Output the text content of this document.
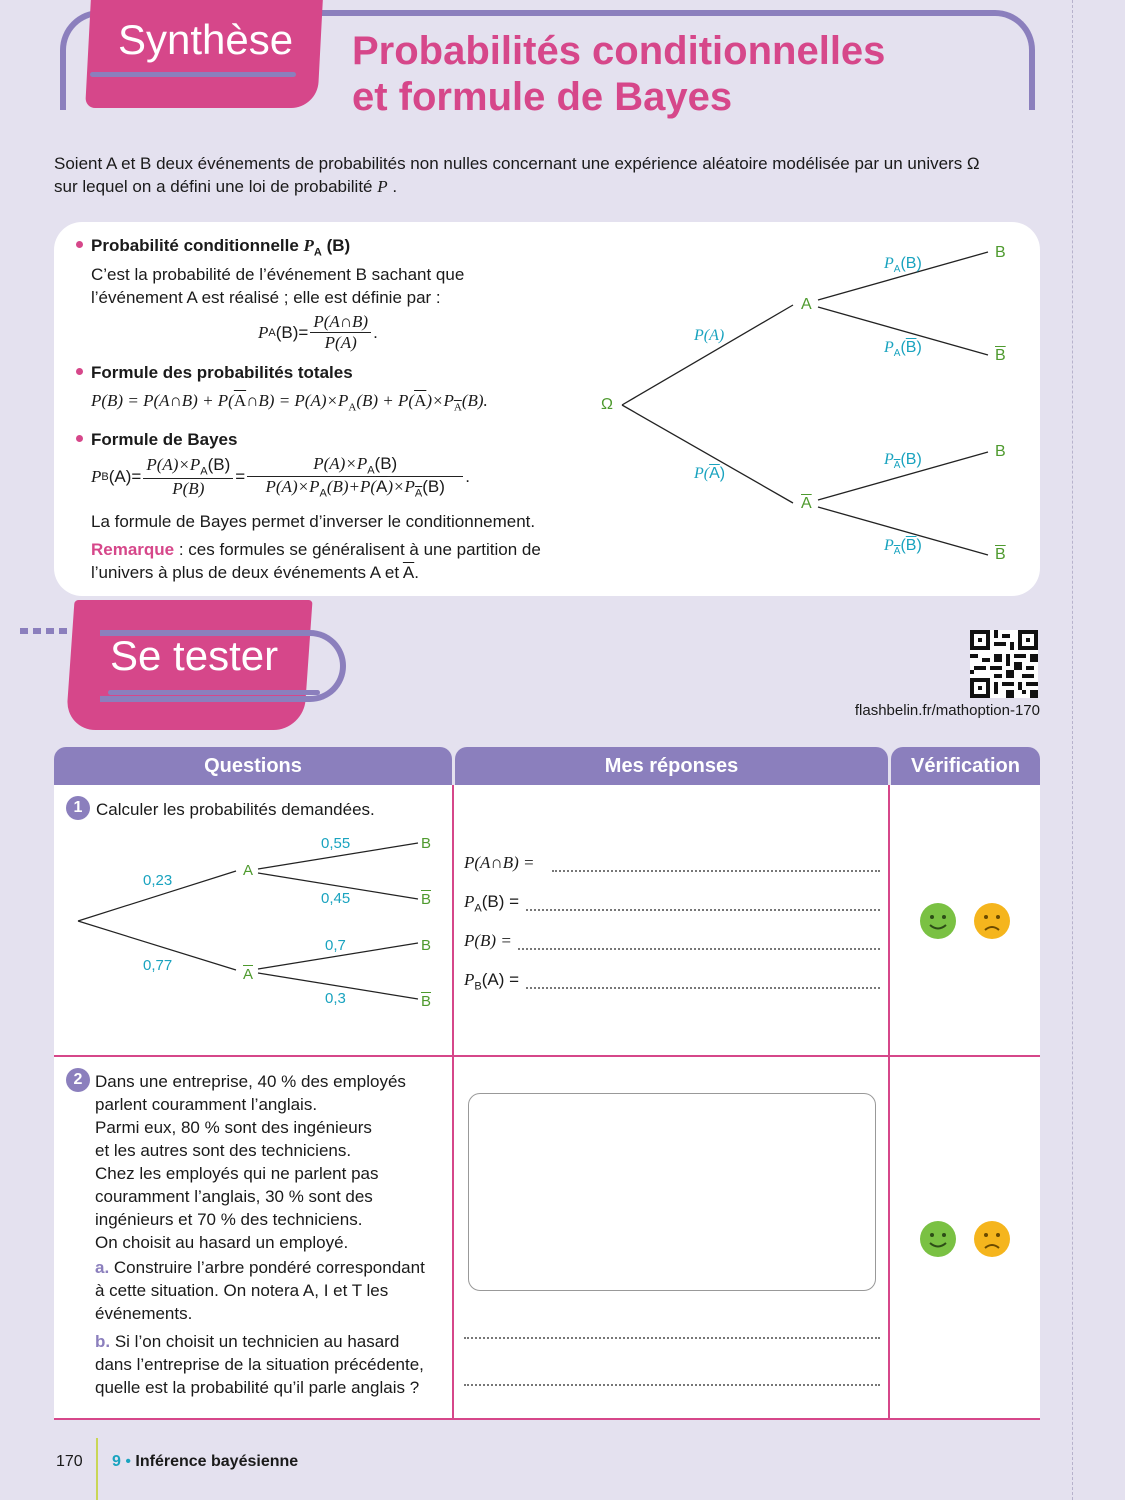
Synthèse Probabilités conditionnelles
et formule de Bayes
Soient A et B deux événements de probabilités non nulles concernant une expérience aléatoire modélisée par un univers Ω
sur lequel on a défini une loi de probabilité P .
Probabilité conditionnelle $P_A$ (B)
C’est la probabilité de l’événement B sachant que
l’événement A est réalisé ; elle est définie par :
P A $(B)= \frac{P(A\cap B)}{P(A)}$ .
Formule des probabilités totales
P(B) = P(A∩B) + $P(\overline{A}\cap B) = P(A)\times P_A(B) + P(\overline{A})\times P_{\overline{A}}(B)$.
Formule de Bayes
P B $(A)= \frac{P(A)\times P_A(B)}{P(B)} = \frac{P(A)\times P_A(B)}{P(A)\times P_A(B)+P(\overline{A})\times P_{\overline{A}}(B)}$ .
La formule de Bayes permet d’inverser le conditionnement.
Remarque : ces formules se généralisent à une partition de
l’univers à plus de deux événements A et $\overline{A}$.
Ω
A
$\overline{A}$
B
$\overline{B}$
B
$\overline{B}$
P(A)
$P(\overline{A})$
$P_A(B)$
$P_A(\overline{B})$
$P_{\overline{A}}(B)$
$P_{\overline{A}}(\overline{B})$
Se tester
flashbelin.fr/mathoption-170
Questions	Mes réponses	Vérification
1 Calculer les probabilités demandées.
A
$\overline{A}$
B
$\overline{B}$
B
$\overline{B}$
0,23
0,77
0,55
0,45
0,7
0,3
P(A∩B) =
$P_A(B)$ =
P(B) =
$P_B(A)$ =
2 Dans une entreprise, 40 % des employés
parlent couramment l’anglais.
Parmi eux, 80 % sont des ingénieurs
et les autres sont des techniciens.
Chez les employés qui ne parlent pas
couramment l’anglais, 30 % sont des
ingénieurs et 70 % des techniciens.
On choisit au hasard un employé.
a. Construire l’arbre pondéré correspondant
à cette situation. On notera A, I et T les
événements.
b. Si l’on choisit un technicien au hasard
dans l’entreprise de la situation précédente,
quelle est la probabilité qu’il parle anglais ?
170 9 • Inférence bayésienne
